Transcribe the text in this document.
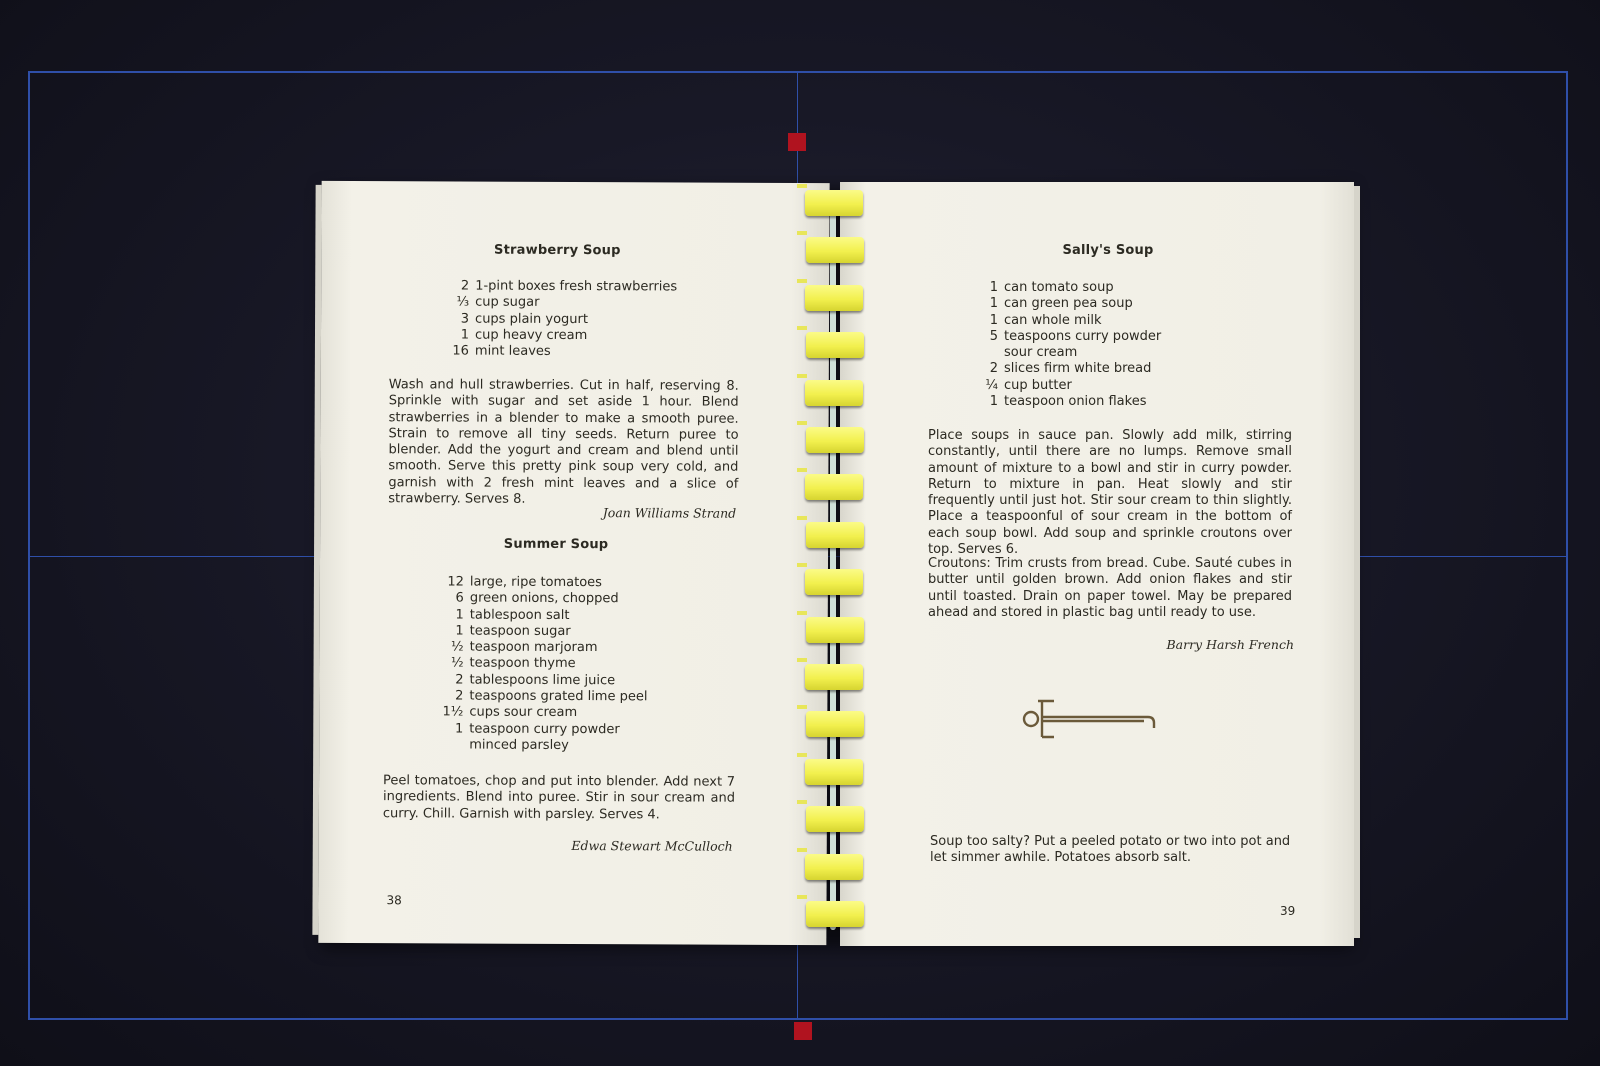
Strawberry Soup
2 1-pint boxes fresh strawberries
⅓ cup sugar
3 cups plain yogurt
1 cup heavy cream
16 mint leaves
Wash and hull strawberries. Cut in half, reserving 8. Sprinkle with sugar and set aside 1 hour. Blend strawberries in a blender to make a smooth puree. Strain to remove all tiny seeds. Return puree to blender. Add the yogurt and cream and blend until smooth. Serve this pretty pink soup very cold, and garnish with 2 fresh mint leaves and a slice of strawberry. Serves 8.
Joan Williams Strand
Summer Soup
12 large, ripe tomatoes
6 green onions, chopped
1 tablespoon salt
1 teaspoon sugar
½ teaspoon marjoram
½ teaspoon thyme
2 tablespoons lime juice
2 teaspoons grated lime peel
1½ cups sour cream
1 teaspoon curry powder
minced parsley
Peel tomatoes, chop and put into blender. Add next 7 ingredients. Blend into puree. Stir in sour cream and curry. Chill. Garnish with parsley. Serves 4.
Edwa Stewart McCulloch
38
Sally's Soup
1 can tomato soup
1 can green pea soup
1 can whole milk
5 teaspoons curry powder
sour cream
2 slices firm white bread
¼ cup butter
1 teaspoon onion flakes
Place soups in sauce pan. Slowly add milk, stirring constantly, until there are no lumps. Remove small amount of mixture to a bowl and stir in curry powder. Return to mixture in pan. Heat slowly and stir frequently until just hot. Stir sour cream to thin slightly. Place a teaspoonful of sour cream in the bottom of each soup bowl. Add soup and sprinkle croutons over top. Serves 6.
Croutons: Trim crusts from bread. Cube. Sauté cubes in butter until golden brown. Add onion flakes and stir until toasted. Drain on paper towel. May be prepared ahead and stored in plastic bag until ready to use.
Barry Harsh French
Soup too salty? Put a peeled potato or two into pot and let simmer awhile. Potatoes absorb salt.
39
